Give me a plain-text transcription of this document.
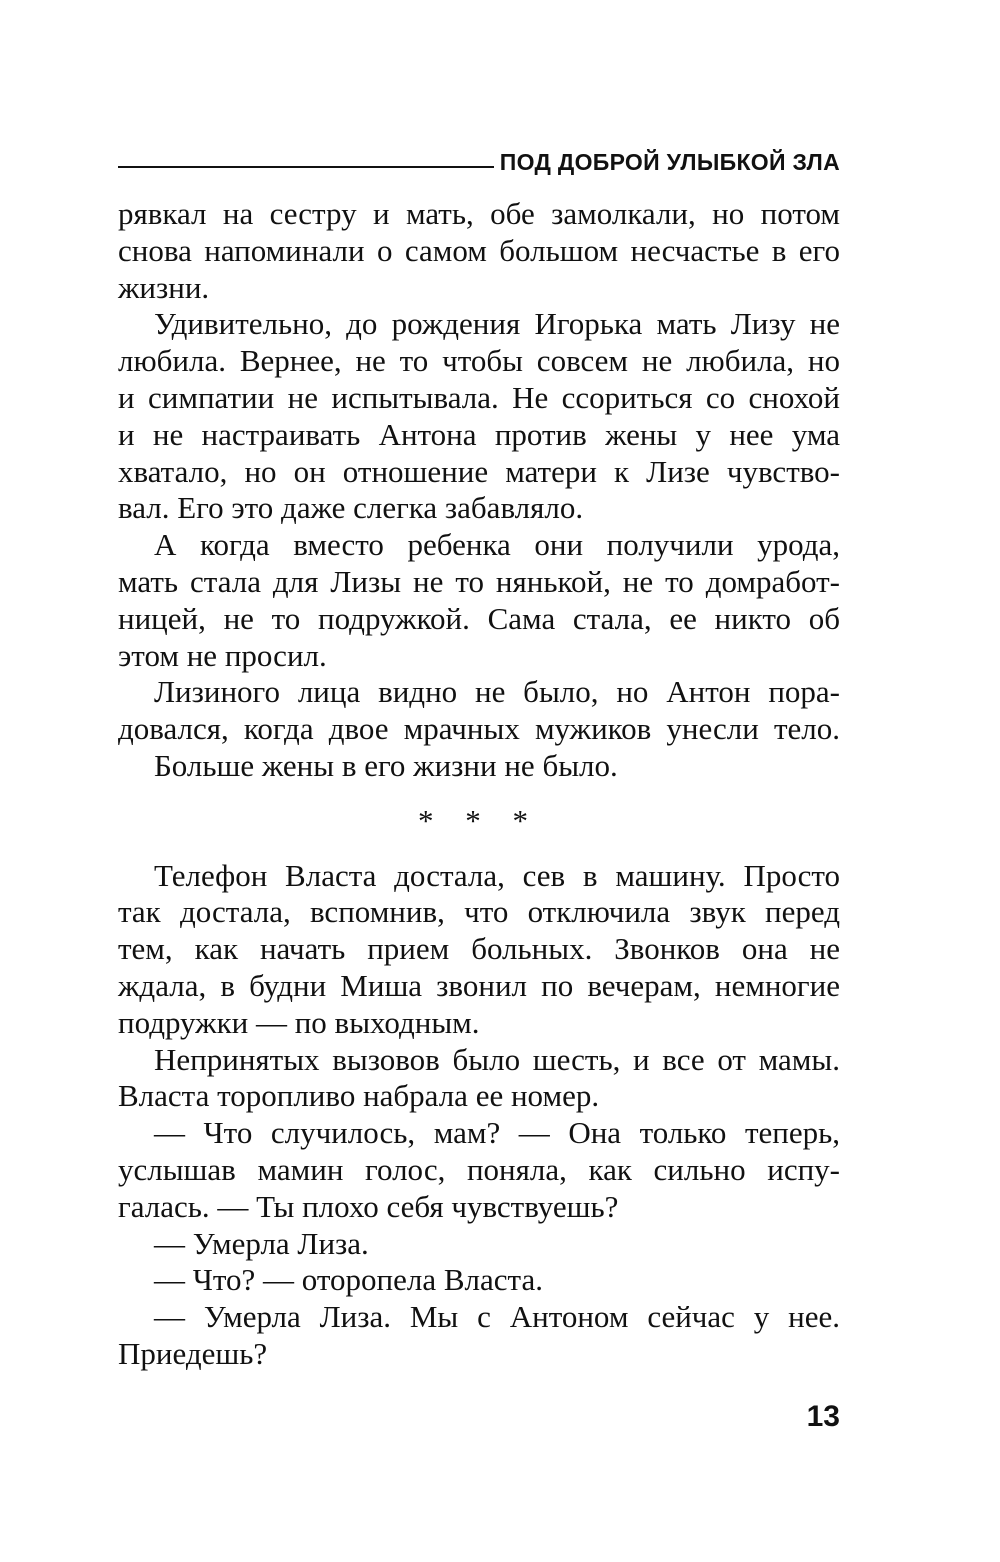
ПОД ДОБРОЙ УЛЫБКОЙ ЗЛА
рявкал на сестру и мать, обе замолкали, но потом
снова напоминали о самом большом несчастье в его
жизни.
Удивительно, до рождения Игорька мать Лизу не
любила. Вернее, не то чтобы совсем не любила, но
и симпатии не испытывала. Не ссориться со снохой
и не настраивать Антона против жены у нее ума
хватало, но он отношение матери к Лизе чувство-
вал. Его это даже слегка забавляло.
А когда вместо ребенка они получили урода,
мать стала для Лизы не то нянькой, не то домработ-
ницей, не то подружкой. Сама стала, ее никто об
этом не просил.
Лизиного лица видно не было, но Антон пора-
довался, когда двое мрачных мужиков унесли тело.
Больше жены в его жизни не было.
* * *
Телефон Власта достала, сев в машину. Просто
так достала, вспомнив, что отключила звук перед
тем, как начать прием больных. Звонков она не
ждала, в будни Миша звонил по вечерам, немногие
подружки — по выходным.
Непринятых вызовов было шесть, и все от мамы.
Власта торопливо набрала ее номер.
— Что случилось, мам? — Она только теперь,
услышав мамин голос, поняла, как сильно испу-
галась. — Ты плохо себя чувствуешь?
— Умерла Лиза.
— Что? — оторопела Власта.
— Умерла Лиза. Мы с Антоном сейчас у нее.
Приедешь?
13
